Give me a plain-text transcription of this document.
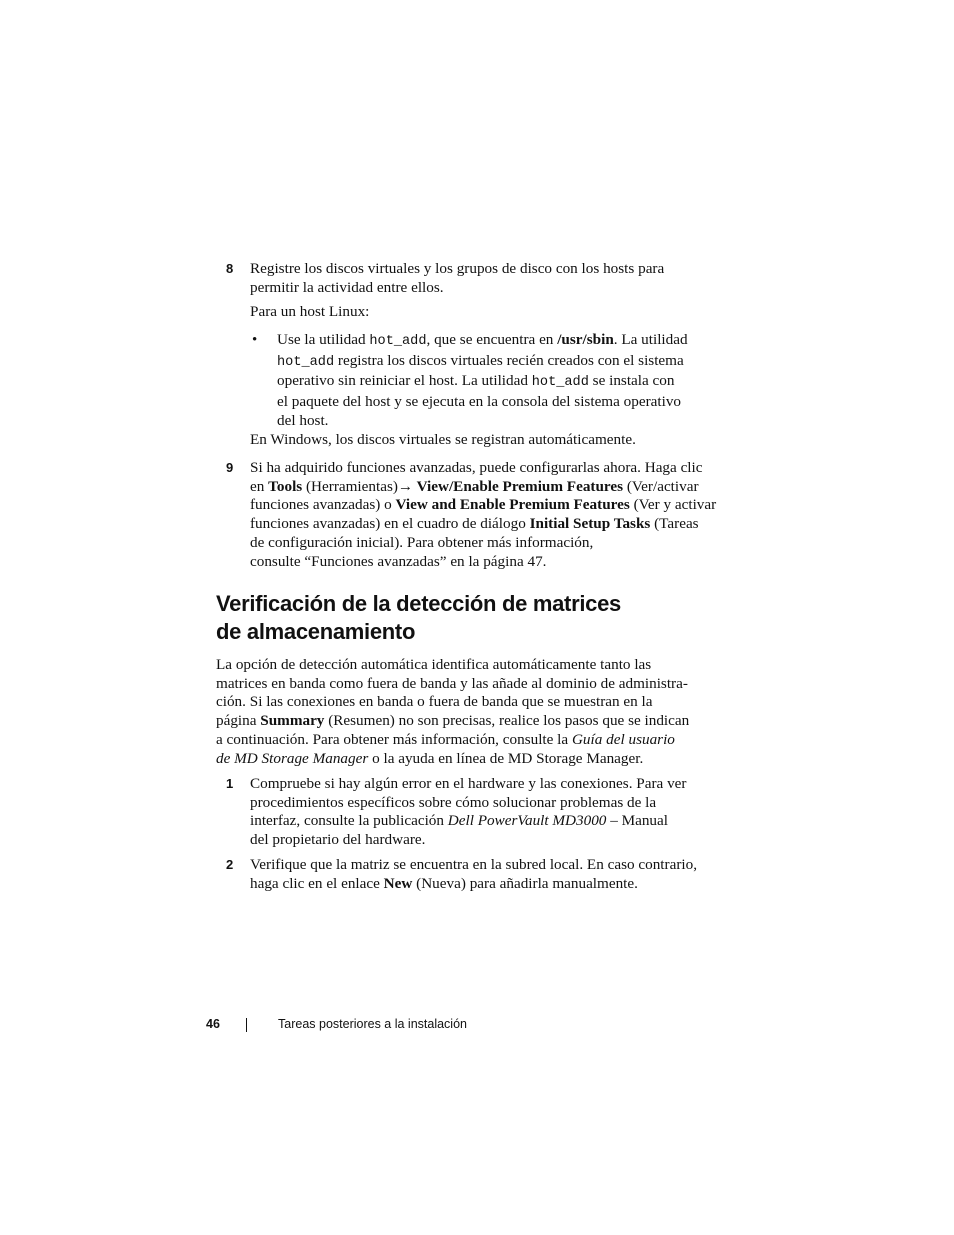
8 Registre los discos virtuales y los grupos de disco con los hosts para
permitir la actividad entre ellos.
Para un host Linux:
• Use la utilidad hot_add, que se encuentra en /usr/sbin. La utilidad
hot_add registra los discos virtuales recién creados con el sistema
operativo sin reiniciar el host. La utilidad hot_add se instala con
el paquete del host y se ejecuta en la consola del sistema operativo
del host.
En Windows, los discos virtuales se registran automáticamente.
9 Si ha adquirido funciones avanzadas, puede configurarlas ahora. Haga clic
en Tools (Herramientas)→ View/Enable Premium Features (Ver/activar
funciones avanzadas) o View and Enable Premium Features (Ver y activar
funciones avanzadas) en el cuadro de diálogo Initial Setup Tasks (Tareas
de configuración inicial). Para obtener más información,
consulte “Funciones avanzadas” en la página 47.
Verificación de la detección de matrices
de almacenamiento
La opción de detección automática identifica automáticamente tanto las
matrices en banda como fuera de banda y las añade al dominio de administra-
ción. Si las conexiones en banda o fuera de banda que se muestran en la
página Summary (Resumen) no son precisas, realice los pasos que se indican
a continuación. Para obtener más información, consulte la Guía del usuario
de MD Storage Manager o la ayuda en línea de MD Storage Manager.
1 Compruebe si hay algún error en el hardware y las conexiones. Para ver
procedimientos específicos sobre cómo solucionar problemas de la
interfaz, consulte la publicación Dell PowerVault MD3000 – Manual
del propietario del hardware.
2 Verifique que la matriz se encuentra en la subred local. En caso contrario,
haga clic en el enlace New (Nueva) para añadirla manualmente.
46	Tareas posteriores a la instalación
